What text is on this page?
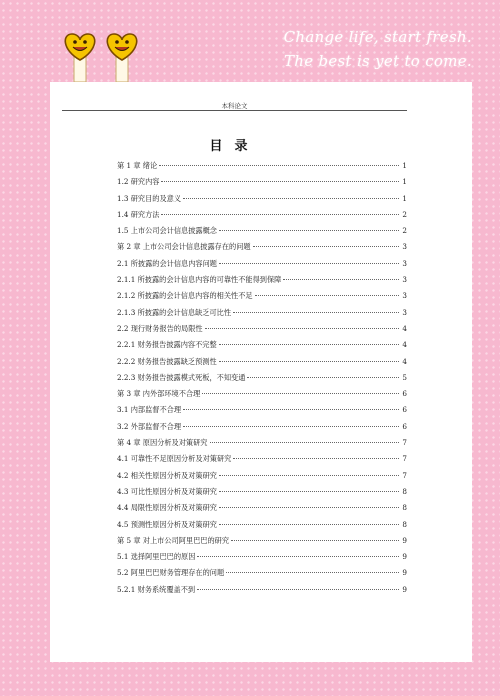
Change life, start fresh.
The best is yet to come.
本科论文
目录
第 1 章 绪论	1
1.2 研究内容	1
1.3 研究目的及意义	1
1.4 研究方法	2
1.5 上市公司会计信息披露概念	2
第 2 章 上市公司会计信息披露存在的问题	3
2.1 所披露的会计信息内容问题	3
2.1.1 所披露的会计信息内容的可靠性不能得到保障	3
2.1.2 所披露的会计信息内容的相关性不足	3
2.1.3 所披露的会计信息缺乏可比性	3
2.2 现行财务报告的局限性	4
2.2.1 财务报告披露内容不完整	4
2.2.2 财务报告披露缺乏预测性	4
2.2.3 财务报告披露模式死板，不知变通	5
第 3 章 内外部环境不合理	6
3.1 内部监督不合理	6
3.2 外部监督不合理	6
第 4 章 原因分析及对策研究	7
4.1 可靠性不足原因分析及对策研究	7
4.2 相关性原因分析及对策研究	7
4.3 可比性原因分析及对策研究	8
4.4 局限性原因分析及对策研究	8
4.5 预测性原因分析及对策研究	8
第 5 章 对上市公司阿里巴巴的研究	9
5.1 选择阿里巴巴的原因	9
5.2 阿里巴巴财务管理存在的问题	9
5.2.1 财务系统覆盖不到	9
